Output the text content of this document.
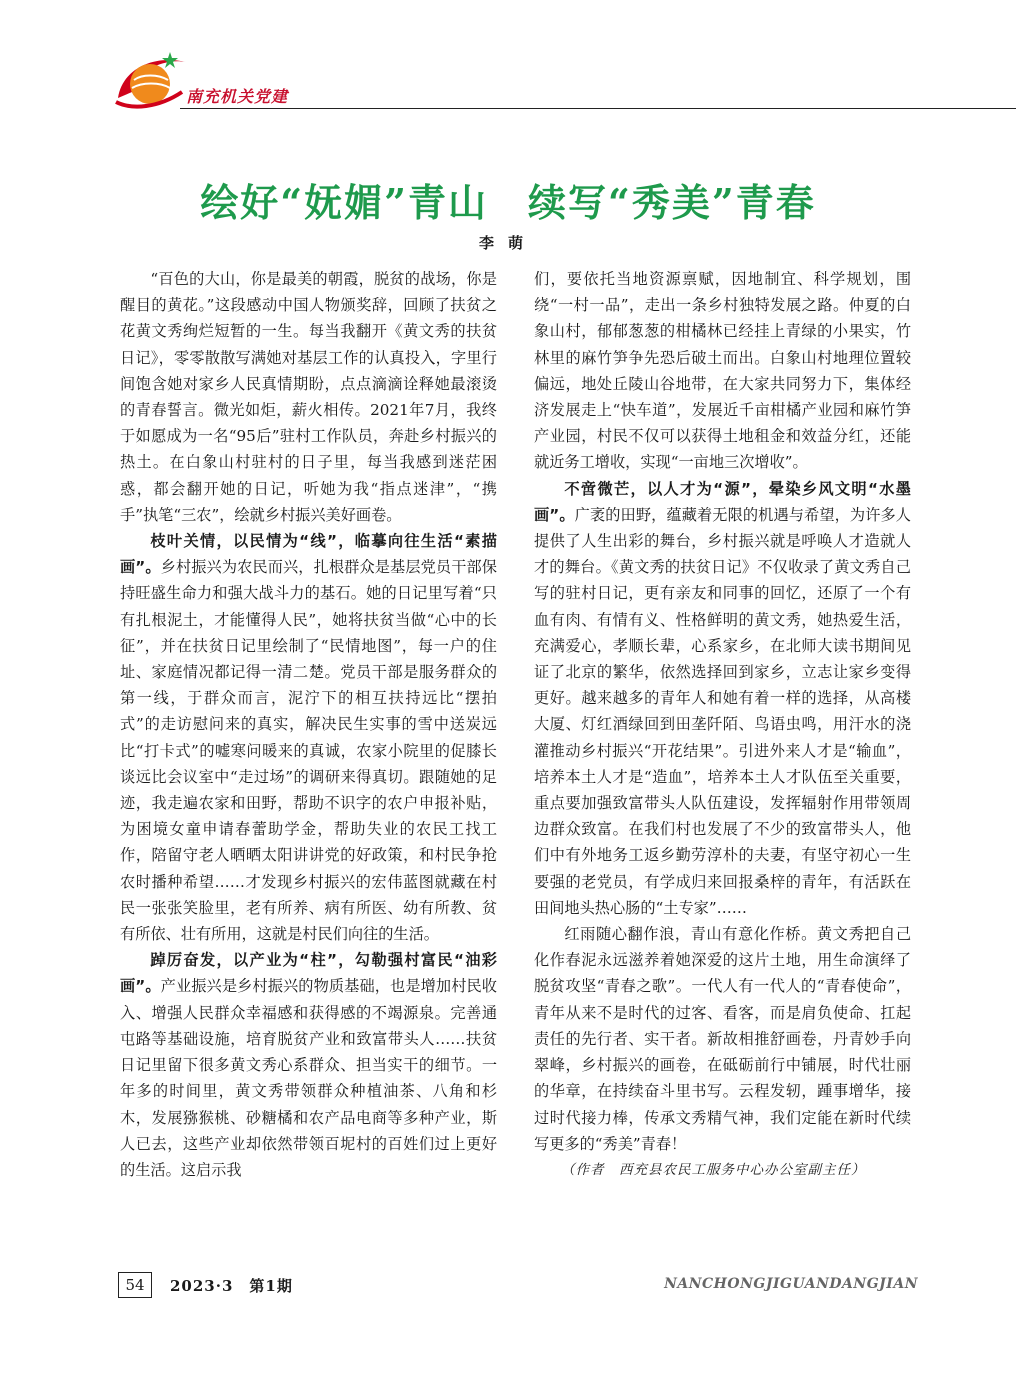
南充机关党建
绘好“妩媚”青山　续写“秀美”青春
李萌

“百色的大山，你是最美的朝霞，脱贫的战场，你是醒目的黄花。”这段感动中国人物颁奖辞，回顾了扶贫之花黄文秀绚烂短暂的一生。每当我翻开《黄文秀的扶贫日记》，零零散散写满她对基层工作的认真投入，字里行间饱含她对家乡人民真情期盼，点点滴滴诠释她最滚烫的青春誓言。微光如炬，薪火相传。2021年7月，我终于如愿成为一名“95后”驻村工作队员，奔赴乡村振兴的热土。在白象山村驻村的日子里，每当我感到迷茫困惑，都会翻开她的日记，听她为我“指点迷津”，“携手”执笔“三农”，绘就乡村振兴美好画卷。

枝叶关情，以民情为“线”，临摹向往生活“素描画”。乡村振兴为农民而兴，扎根群众是基层党员干部保持旺盛生命力和强大战斗力的基石。她的日记里写着“只有扎根泥土，才能懂得人民”，她将扶贫当做“心中的长征”，并在扶贫日记里绘制了“民情地图”，每一户的住址、家庭情况都记得一清二楚。党员干部是服务群众的第一线，于群众而言，泥泞下的相互扶持远比“摆拍式”的走访慰问来的真实，解决民生实事的雪中送炭远比“打卡式”的嘘寒问暖来的真诚，农家小院里的促膝长谈远比会议室中“走过场”的调研来得真切。跟随她的足迹，我走遍农家和田野，帮助不识字的农户申报补贴，为困境女童申请春蕾助学金，帮助失业的农民工找工作，陪留守老人晒晒太阳讲讲党的好政策，和村民争抢农时播种希望……才发现乡村振兴的宏伟蓝图就藏在村民一张张笑脸里，老有所养、病有所医、幼有所教、贫有所依、壮有所用，这就是村民们向往的生活。

踔厉奋发，以产业为“柱”，勾勒强村富民“油彩画”。产业振兴是乡村振兴的物质基础，也是增加村民收入、增强人民群众幸福感和获得感的不竭源泉。完善通屯路等基础设施，培育脱贫产业和致富带头人……扶贫日记里留下很多黄文秀心系群众、担当实干的细节。一年多的时间里，黄文秀带领群众种植油茶、八角和杉木，发展猕猴桃、砂糖橘和农产品电商等多种产业，斯人已去，这些产业却依然带领百坭村的百姓们过上更好的生活。这启示我

们，要依托当地资源禀赋，因地制宜、科学规划，围绕“一村一品”，走出一条乡村独特发展之路。仲夏的白象山村，郁郁葱葱的柑橘林已经挂上青绿的小果实，竹林里的麻竹笋争先恐后破土而出。白象山村地理位置较偏远，地处丘陵山谷地带，在大家共同努力下，集体经济发展走上“快车道”，发展近千亩柑橘产业园和麻竹笋产业园，村民不仅可以获得土地租金和效益分红，还能就近务工增收，实现“一亩地三次增收”。

不啻微芒，以人才为“源”，晕染乡风文明“水墨画”。广袤的田野，蕴藏着无限的机遇与希望，为许多人提供了人生出彩的舞台，乡村振兴就是呼唤人才造就人才的舞台。《黄文秀的扶贫日记》不仅收录了黄文秀自己写的驻村日记，更有亲友和同事的回忆，还原了一个有血有肉、有情有义、性格鲜明的黄文秀，她热爱生活，充满爱心，孝顺长辈，心系家乡，在北师大读书期间见证了北京的繁华，依然选择回到家乡，立志让家乡变得更好。越来越多的青年人和她有着一样的选择，从高楼大厦、灯红酒绿回到田垄阡陌、鸟语虫鸣，用汗水的浇灌推动乡村振兴“开花结果”。引进外来人才是“输血”，培养本土人才是“造血”，培养本土人才队伍至关重要，重点要加强致富带头人队伍建设，发挥辐射作用带领周边群众致富。在我们村也发展了不少的致富带头人，他们中有外地务工返乡勤劳淳朴的夫妻，有坚守初心一生要强的老党员，有学成归来回报桑梓的青年，有活跃在田间地头热心肠的“土专家”……

红雨随心翻作浪，青山有意化作桥。黄文秀把自己化作春泥永远滋养着她深爱的这片土地，用生命演绎了脱贫攻坚“青春之歌”。一代人有一代人的“青春使命”，青年从来不是时代的过客、看客，而是肩负使命、扛起责任的先行者、实干者。新故相推舒画卷，丹青妙手向翠峰，乡村振兴的画卷，在砥砺前行中铺展，时代壮丽的华章，在持续奋斗里书写。云程发轫，踵事增华，接过时代接力棒，传承文秀精气神，我们定能在新时代续写更多的“秀美”青春！

（作者　西充县农民工服务中心办公室副主任）

54	2023·3　第1期	NANCHONGJIGUANDANGJIAN
